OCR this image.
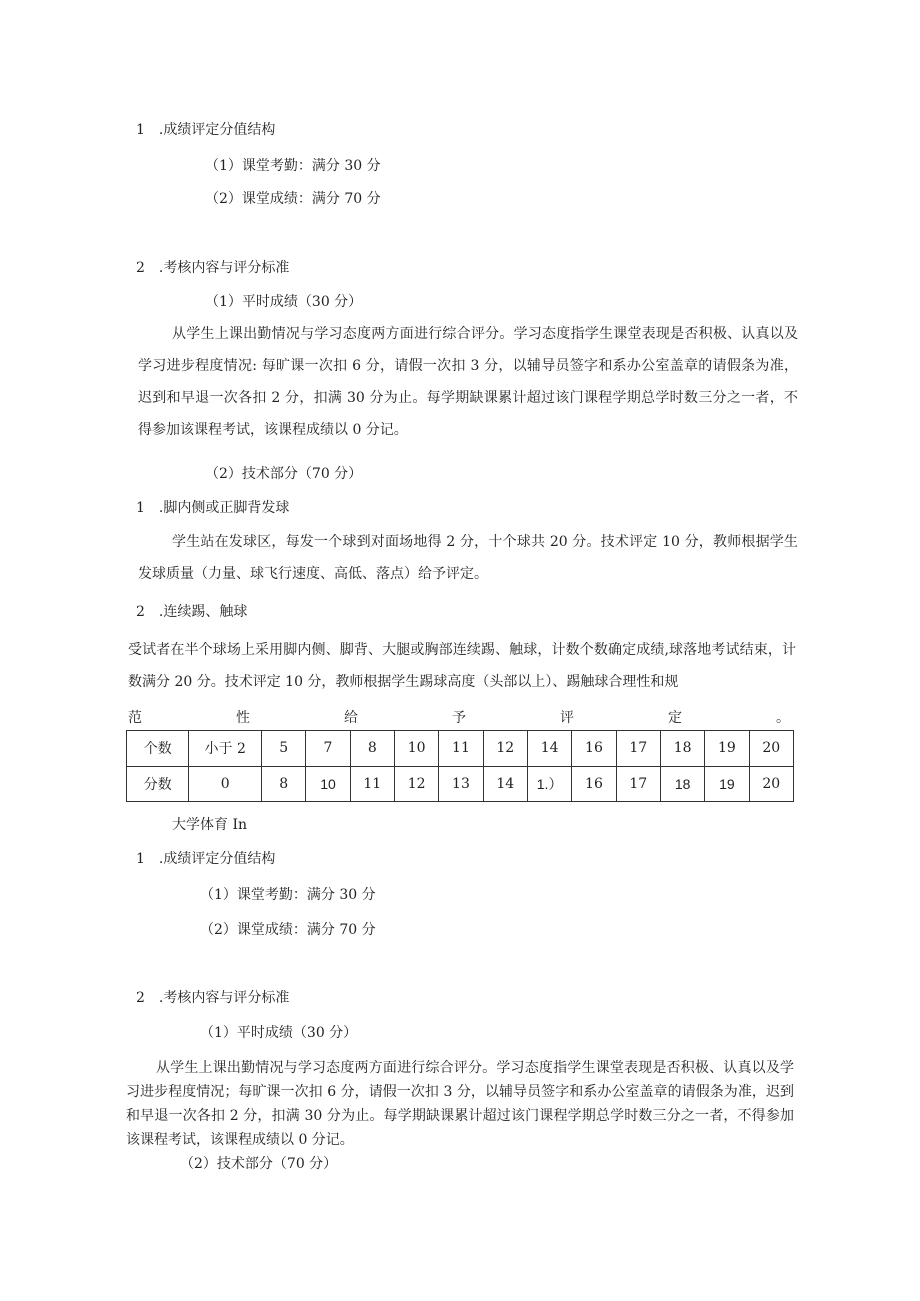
1　.成绩评定分值结构
（1）课堂考勤：满分 30 分
（2）课堂成绩：满分 70 分
2　.考核内容与评分标准
（1）平时成绩（30 分）
从学生上课出勤情况与学习态度两方面进行综合评分。学习态度指学生课堂表现是否积极、认真以及学习进步程度情况: 每旷课一次扣 6 分，请假一次扣 3 分，以辅导员签字和系办公室盖章的请假条为准，迟到和早退一次各扣 2 分，扣满 30 分为止。每学期缺课累计超过该门课程学期总学时数三分之一者，不得参加该课程考试，该课程成绩以 0 分记。
（2）技术部分（70 分）
1　.脚内侧或正脚背发球
学生站在发球区，每发一个球到对面场地得 2 分，十个球共 20 分。技术评定 10 分，教师根据学生发球质量（力量、球飞行速度、高低、落点）给予评定。
2　.连续踢、触球
受试者在半个球场上采用脚内侧、脚背、大腿或胸部连续踢、触球，计数个数确定成绩,球落地考试结束，计数满分 20 分。技术评定 10 分，教师根据学生踢球高度（头部以上）、踢触球合理性和规
范	性	给	予	评	定	。
个数	小于 2	5	7	8	10	11	12	14	16	17	18	19	20
分数	0	8	10	11	12	13	14	1.）	16	17	18	19	20
大学体育 In
1　.成绩评定分值结构
（1）课堂考勤：满分 30 分
（2）课堂成绩：满分 70 分
2　.考核内容与评分标准
（1）平时成绩（30 分）
从学生上课出勤情况与学习态度两方面进行综合评分。学习态度指学生课堂表现是否积极、认真以及学习进步程度情况；每旷课一次扣 6 分，请假一次扣 3 分，以辅导员签字和系办公室盖章的请假条为准，迟到和早退一次各扣 2 分，扣满 30 分为止。每学期缺课累计超过该门课程学期总学时数三分之一者，不得参加该课程考试，该课程成绩以 0 分记。
（2）技术部分（70 分）
